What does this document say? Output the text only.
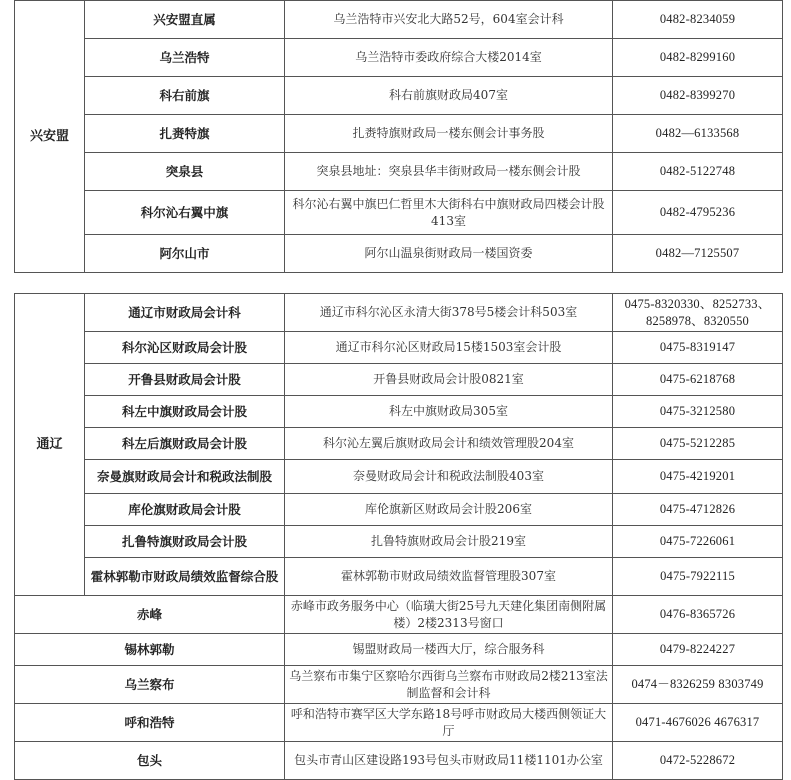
兴安盟	兴安盟直属	乌兰浩特市兴安北大路52号，604室会计科	0482-8234059
	乌兰浩特	乌兰浩特市委政府综合大楼2014室	0482-8299160
	科右前旗	科右前旗财政局407室	0482-8399270
	扎赉特旗	扎赉特旗财政局一楼东侧会计事务股	0482—6133568
	突泉县	突泉县地址：突泉县华丰街财政局一楼东侧会计股	0482-5122748
	科尔沁右翼中旗	科尔沁右翼中旗巴仁哲里木大街科右中旗财政局四楼会计股413室	0482-4795236
	阿尔山市	阿尔山温泉街财政局一楼国资委	0482—7125507
通辽	通辽市财政局会计科	通辽市科尔沁区永清大街378号5楼会计科503室	0475-8320330、8252733、8258978、8320550
	科尔沁区财政局会计股	通辽市科尔沁区财政局15楼1503室会计股	0475-8319147
	开鲁县财政局会计股	开鲁县财政局会计股0821室	0475-6218768
	科左中旗财政局会计股	科左中旗财政局305室	0475-3212580
	科左后旗财政局会计股	科尔沁左翼后旗财政局会计和绩效管理股204室	0475-5212285
	奈曼旗财政局会计和税政法制股	奈曼财政局会计和税政法制股403室	0475-4219201
	库伦旗财政局会计股	库伦旗新区财政局会计股206室	0475-4712826
	扎鲁特旗财政局会计股	扎鲁特旗财政局会计股219室	0475-7226061
	霍林郭勒市财政局绩效监督综合股	霍林郭勒市财政局绩效监督管理股307室	0475-7922115
赤峰		赤峰市政务服务中心（临璜大街25号九天建化集团南侧附属楼）2楼2313号窗口	0476-8365726
锡林郭勒		锡盟财政局一楼西大厅，综合服务科	0479-8224227
乌兰察布		乌兰察布市集宁区察哈尔西街乌兰察布市财政局2楼213室法制监督和会计科	0474－8326259 8303749
呼和浩特		呼和浩特市赛罕区大学东路18号呼市财政局大楼西侧领证大厅	0471-4676026 4676317
包头		包头市青山区建设路193号包头市财政局11楼1101办公室	0472-5228672
